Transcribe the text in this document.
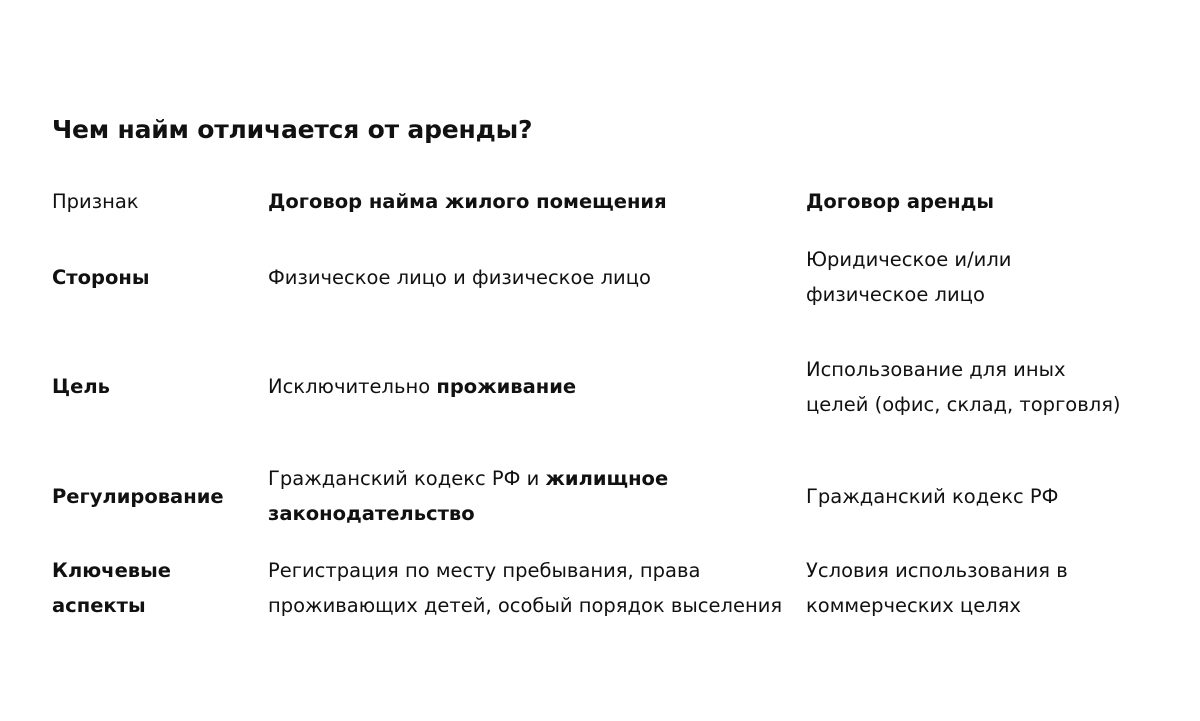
Чем найм отличается от аренды?
Признак	Договор найма жилого помещения	Договор аренды
Стороны	Физическое лицо и физическое лицо	Юридическое и/или физическое лицо
Цель	Исключительно проживание	Использование для иных целей (офис, склад, торговля)
Регулирование	Гражданский кодекс РФ и жилищное законодательство	Гражданский кодекс РФ
Ключевые аспекты	Регистрация по месту пребывания, права проживающих детей, особый порядок выселения	Условия использования в коммерческих целях
